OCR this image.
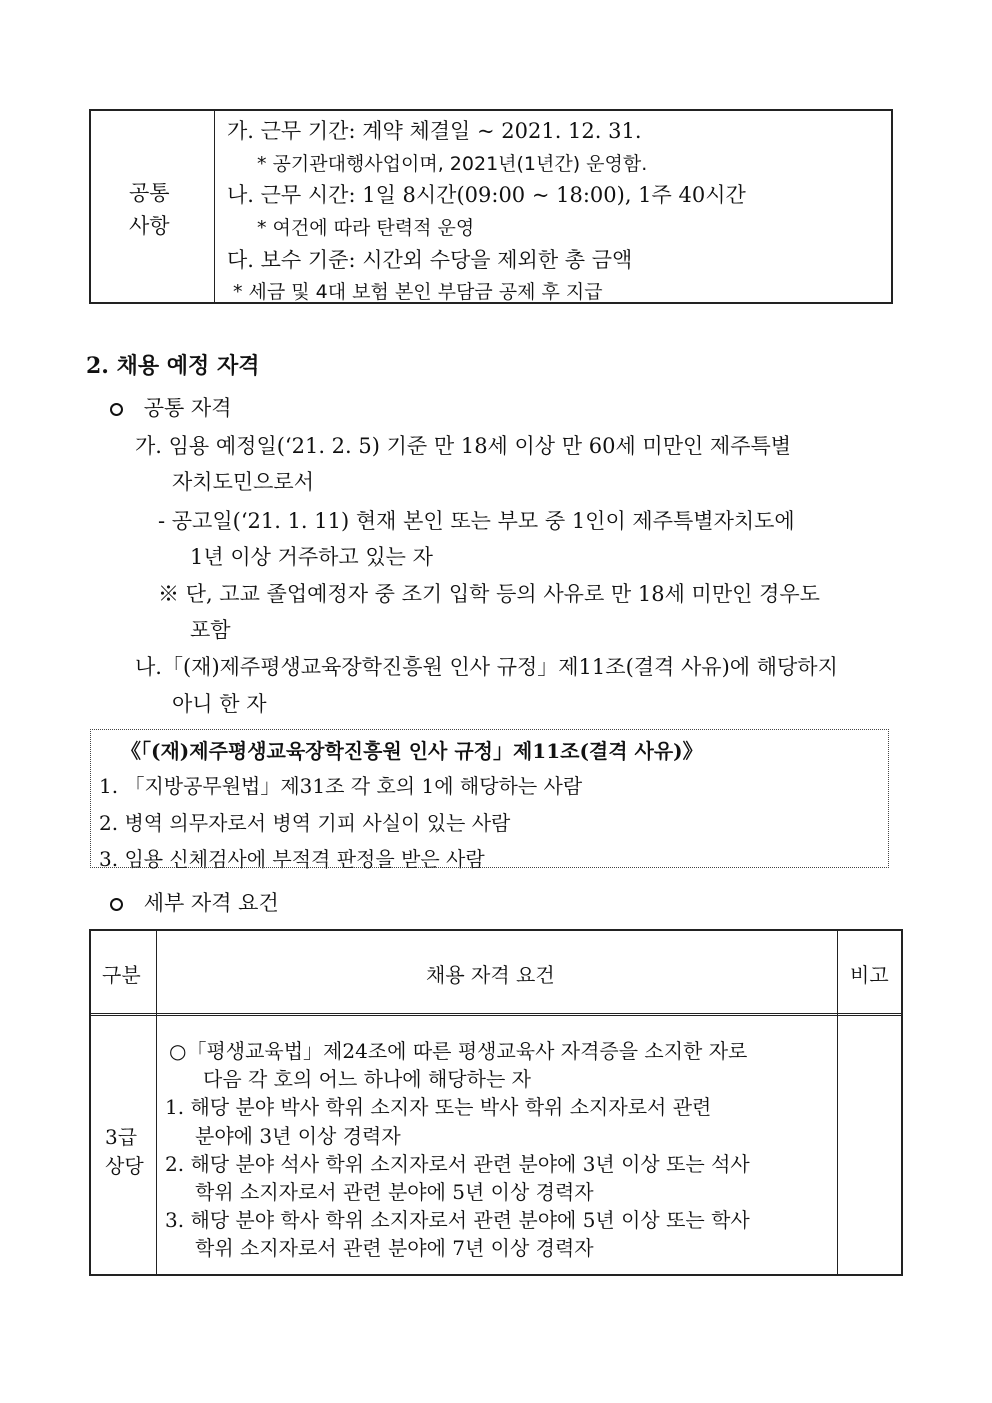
공통
사항
가. 근무 기간: 계약 체결일 ~ 2021. 12. 31.
* 공기관대행사업이며, 2021년(1년간) 운영함.
나. 근무 시간: 1일 8시간(09:00 ~ 18:00), 1주 40시간
* 여건에 따라 탄력적 운영
다. 보수 기준: 시간외 수당을 제외한 총 금액
* 세금 및 4대 보험 본인 부담금 공제 후 지급
2. 채용 예정 자격
공통 자격
가. 임용 예정일(‘21. 2. 5) 기준 만 18세 이상 만 60세 미만인 제주특별
자치도민으로서
- 공고일(‘21. 1. 11) 현재 본인 또는 부모 중 1인이 제주특별자치도에
1년 이상 거주하고 있는 자
※ 단, 고교 졸업예정자 중 조기 입학 등의 사유로 만 18세 미만인 경우도
포함
나.「(재)제주평생교육장학진흥원 인사 규정」제11조(결격 사유)에 해당하지
아니 한 자
《「(재)제주평생교육장학진흥원 인사 규정」제11조(결격 사유)》
1. 「지방공무원법」제31조 각 호의 1에 해당하는 사람
2. 병역 의무자로서 병역 기피 사실이 있는 사람
3. 임용 신체검사에 부적격 판정을 받은 사람
세부 자격 요건
구분	채용 자격 요건	비고
3급
상당
○「평생교육법」제24조에 따른 평생교육사 자격증을 소지한 자로
다음 각 호의 어느 하나에 해당하는 자
1. 해당 분야 박사 학위 소지자 또는 박사 학위 소지자로서 관련
분야에 3년 이상 경력자
2. 해당 분야 석사 학위 소지자로서 관련 분야에 3년 이상 또는 석사
학위 소지자로서 관련 분야에 5년 이상 경력자
3. 해당 분야 학사 학위 소지자로서 관련 분야에 5년 이상 또는 학사
학위 소지자로서 관련 분야에 7년 이상 경력자
